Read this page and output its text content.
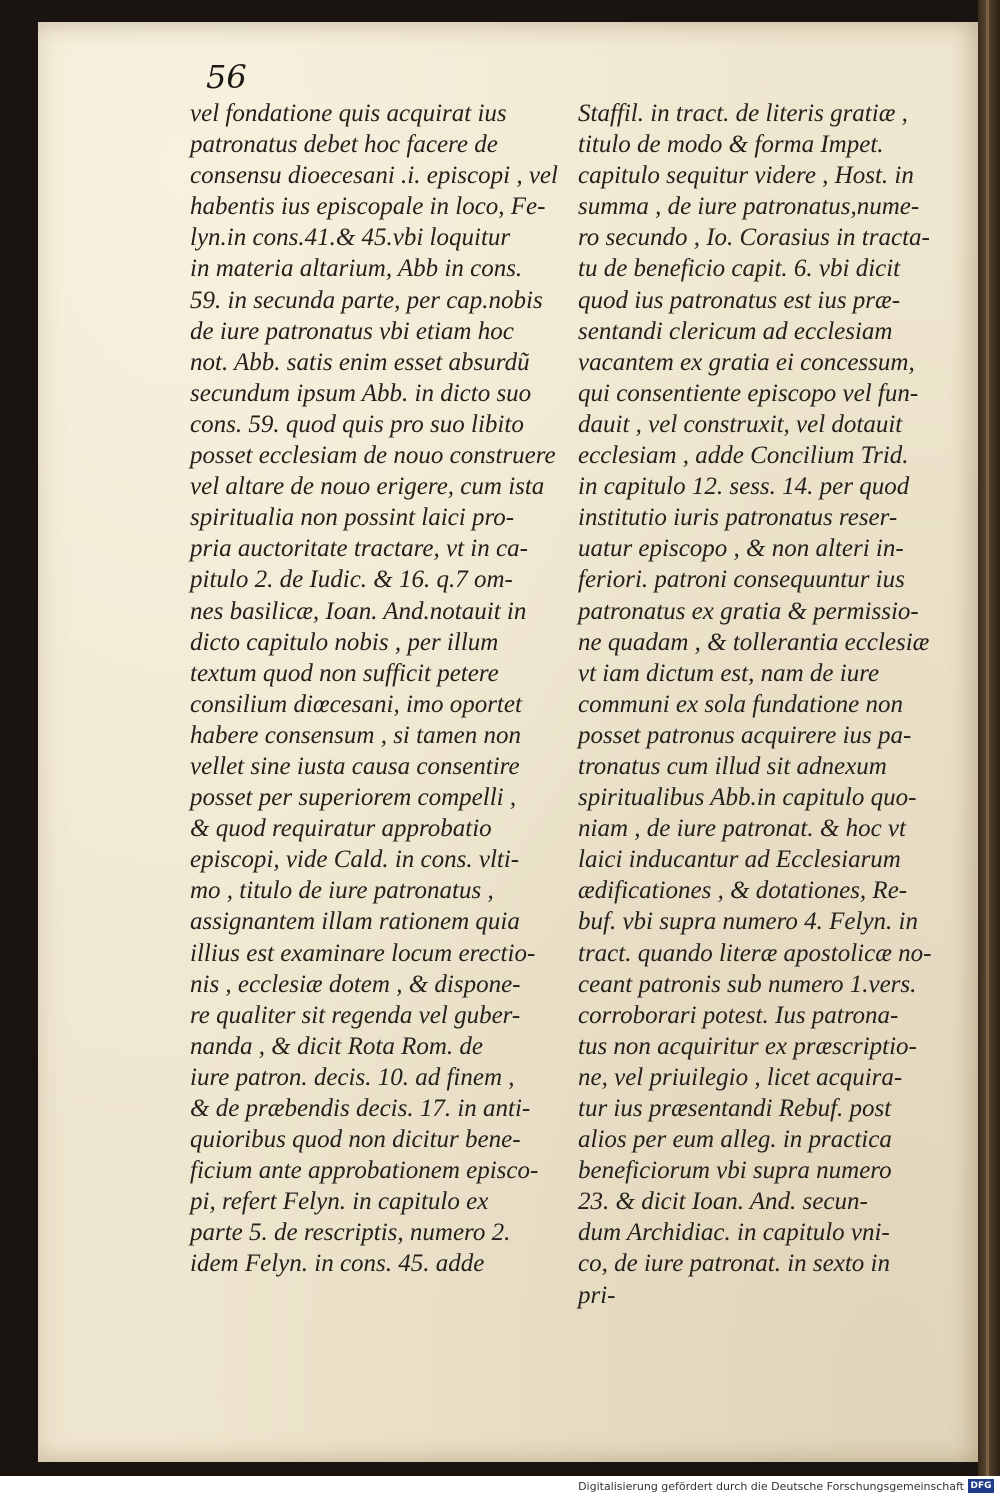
56
vel fondatione quis acquirat ius
patronatus debet hoc facere de
consensu dioecesani .i. episcopi , vel
habentis ius episcopale in loco, Fe-
lyn.in cons.41.& 45.vbi loquitur
in materia altarium, Abb in cons.
59. in secunda parte, per cap.nobis
de iure patronatus vbi etiam hoc
not. Abb. satis enim esset absurdũ
secundum ipsum Abb. in dicto suo
cons. 59. quod quis pro suo libito
posset ecclesiam de nouo construere
vel altare de nouo erigere, cum ista
spiritualia non possint laici pro-
pria auctoritate tractare, vt in ca-
pitulo 2. de Iudic. & 16. q.7 om-
nes basilicæ, Ioan. And.notauit in
dicto capitulo nobis , per illum
textum quod non sufficit petere
consilium diœcesani, imo oportet
habere consensum , si tamen non
vellet sine iusta causa consentire
posset per superiorem compelli ,
& quod requiratur approbatio
episcopi, vide Cald. in cons. vlti-
mo , titulo de iure patronatus ,
assignantem illam rationem quia
illius est examinare locum erectio-
nis , ecclesiæ dotem , & dispone-
re qualiter sit regenda vel guber-
nanda , & dicit Rota Rom. de
iure patron. decis. 10. ad finem ,
& de præbendis decis. 17. in anti-
quioribus quod non dicitur bene-
ficium ante approbationem episco-
pi, refert Felyn. in capitulo ex
parte 5. de rescriptis, numero 2.
idem Felyn. in cons. 45. adde
Staffil. in tract. de literis gratiæ ,
titulo de modo & forma Impet.
capitulo sequitur videre , Host. in
summa , de iure patronatus,nume-
ro secundo , Io. Corasius in tracta-
tu de beneficio capit. 6. vbi dicit
quod ius patronatus est ius præ-
sentandi clericum ad ecclesiam
vacantem ex gratia ei concessum,
qui consentiente episcopo vel fun-
dauit , vel construxit, vel dotauit
ecclesiam , adde Concilium Trid.
in capitulo 12. sess. 14. per quod
institutio iuris patronatus reser-
uatur episcopo , & non alteri in-
feriori. patroni consequuntur ius
patronatus ex gratia & permissio-
ne quadam , & tollerantia ecclesiæ
vt iam dictum est, nam de iure
communi ex sola fundatione non
posset patronus acquirere ius pa-
tronatus cum illud sit adnexum
spiritualibus Abb.in capitulo quo-
niam , de iure patronat. & hoc vt
laici inducantur ad Ecclesiarum
ædificationes , & dotationes, Re-
buf. vbi supra numero 4. Felyn. in
tract. quando literæ apostolicæ no-
ceant patronis sub numero 1.vers.
corroborari potest. Ius patrona-
tus non acquiritur ex præscriptio-
ne, vel priuilegio , licet acquira-
tur ius præsentandi Rebuf. post
alios per eum alleg. in practica
beneficiorum vbi supra numero
23. & dicit Ioan. And. secun-
dum Archidiac. in capitulo vni-
co, de iure patronat. in sexto in
pri-
Digitalisierung gefördert durch die Deutsche Forschungsgemeinschaft DFG
